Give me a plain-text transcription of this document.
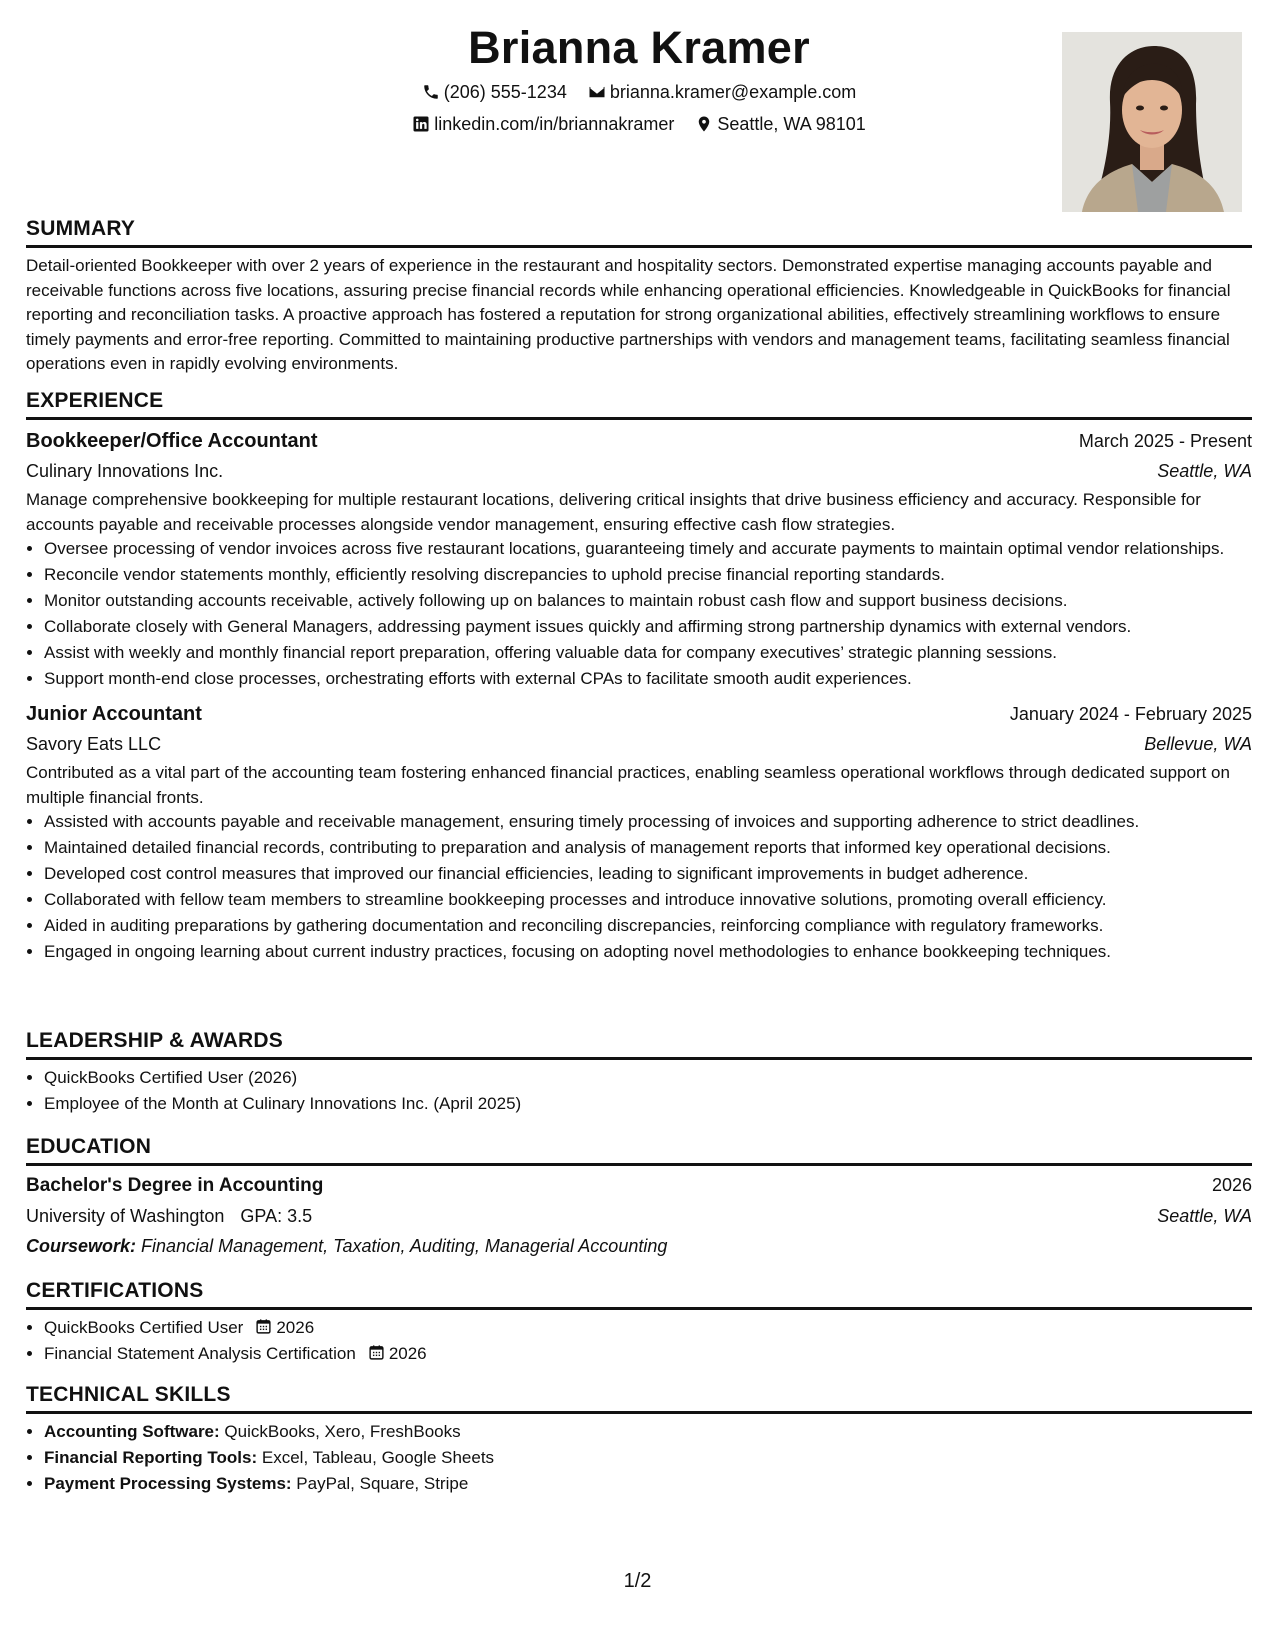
Brianna Kramer
(206) 555-1234
brianna.kramer@example.com
linkedin.com/in/briannakramer
Seattle, WA 98101
SUMMARY

Detail-oriented Bookkeeper with over 2 years of experience in the restaurant and hospitality sectors. Demonstrated expertise managing accounts payable and receivable functions across five locations, assuring precise financial records while enhancing operational efficiencies. Knowledgeable in QuickBooks for financial reporting and reconciliation tasks. A proactive approach has fostered a reputation for strong organizational abilities, effectively streamlining workflows to ensure timely payments and error-free reporting. Committed to maintaining productive partnerships with vendors and management teams, facilitating seamless financial operations even in rapidly evolving environments.

EXPERIENCE
Bookkeeper/Office Accountant	March 2025 - Present
Culinary Innovations Inc.	Seattle, WA

Manage comprehensive bookkeeping for multiple restaurant locations, delivering critical insights that drive business efficiency and accuracy. Responsible for accounts payable and receivable processes alongside vendor management, ensuring effective cash flow strategies.

• Oversee processing of vendor invoices across five restaurant locations, guaranteeing timely and accurate payments to maintain optimal vendor relationships.
• Reconcile vendor statements monthly, efficiently resolving discrepancies to uphold precise financial reporting standards.
• Monitor outstanding accounts receivable, actively following up on balances to maintain robust cash flow and support business decisions.
• Collaborate closely with General Managers, addressing payment issues quickly and affirming strong partnership dynamics with external vendors.
• Assist with weekly and monthly financial report preparation, offering valuable data for company executives’ strategic planning sessions.
• Support month-end close processes, orchestrating efforts with external CPAs to facilitate smooth audit experiences.
Junior Accountant	January 2024 - February 2025
Savory Eats LLC	Bellevue, WA

Contributed as a vital part of the accounting team fostering enhanced financial practices, enabling seamless operational workflows through dedicated support on multiple financial fronts.

• Assisted with accounts payable and receivable management, ensuring timely processing of invoices and supporting adherence to strict deadlines.
• Maintained detailed financial records, contributing to preparation and analysis of management reports that informed key operational decisions.
• Developed cost control measures that improved our financial efficiencies, leading to significant improvements in budget adherence.
• Collaborated with fellow team members to streamline bookkeeping processes and introduce innovative solutions, promoting overall efficiency.
• Aided in auditing preparations by gathering documentation and reconciling discrepancies, reinforcing compliance with regulatory frameworks.
• Engaged in ongoing learning about current industry practices, focusing on adopting novel methodologies to enhance bookkeeping techniques.
LEADERSHIP & AWARDS
• QuickBooks Certified User (2026)
• Employee of the Month at Culinary Innovations Inc. (April 2025)
EDUCATION
Bachelor's Degree in Accounting	2026
University of Washington GPA: 3.5	Seattle, WA
Coursework: Financial Management, Taxation, Auditing, Managerial Accounting
CERTIFICATIONS
• QuickBooks Certified User 2026
• Financial Statement Analysis Certification 2026
TECHNICAL SKILLS
• Accounting Software: QuickBooks, Xero, FreshBooks
• Financial Reporting Tools: Excel, Tableau, Google Sheets
• Payment Processing Systems: PayPal, Square, Stripe
1/2
